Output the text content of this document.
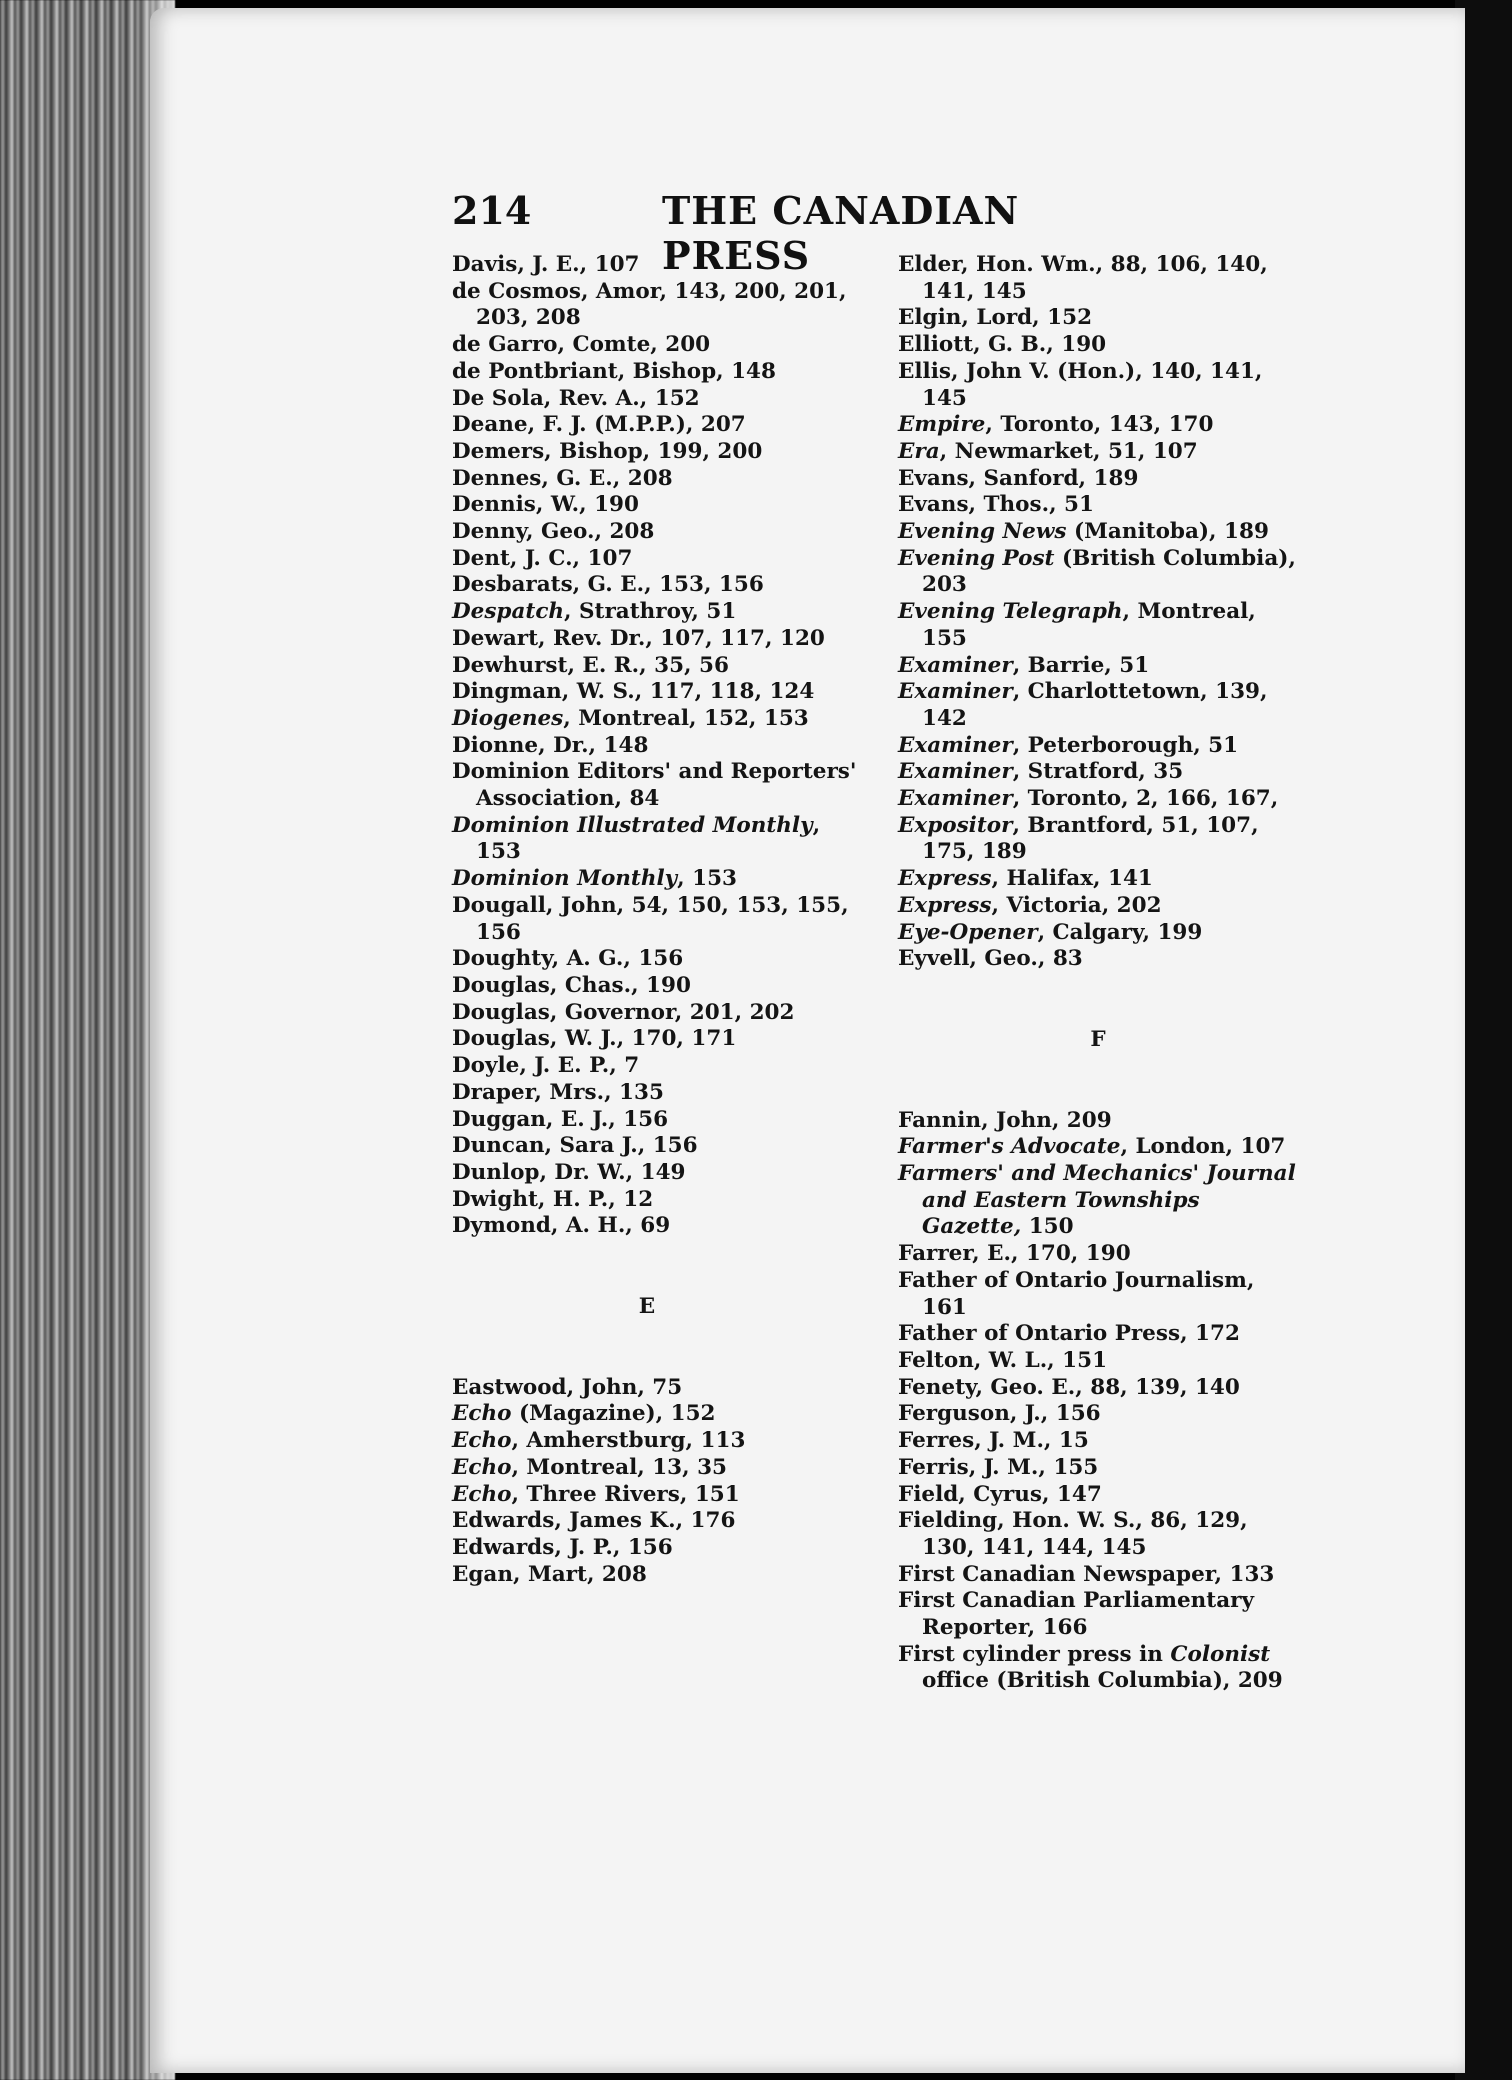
214	THE CANADIAN PRESS
Davis, J. E., 107
de Cosmos, Amor, 143, 200, 201, 203, 208
de Garro, Comte, 200
de Pontbriant, Bishop, 148
De Sola, Rev. A., 152
Deane, F. J. (M.P.P.), 207
Demers, Bishop, 199, 200
Dennes, G. E., 208
Dennis, W., 190
Denny, Geo., 208
Dent, J. C., 107
Desbarats, G. E., 153, 156
Despatch, Strathroy, 51
Dewart, Rev. Dr., 107, 117, 120
Dewhurst, E. R., 35, 56
Dingman, W. S., 117, 118, 124
Diogenes, Montreal, 152, 153
Dionne, Dr., 148
Dominion Editors' and Reporters' Association, 84
Dominion Illustrated Monthly, 153
Dominion Monthly, 153
Dougall, John, 54, 150, 153, 155, 156
Doughty, A. G., 156
Douglas, Chas., 190
Douglas, Governor, 201, 202
Douglas, W. J., 170, 171
Doyle, J. E. P., 7
Draper, Mrs., 135
Duggan, E. J., 156
Duncan, Sara J., 156
Dunlop, Dr. W., 149
Dwight, H. P., 12
Dymond, A. H., 69
E
Eastwood, John, 75
Echo (Magazine), 152
Echo, Amherstburg, 113
Echo, Montreal, 13, 35
Echo, Three Rivers, 151
Edwards, James K., 176
Edwards, J. P., 156
Egan, Mart, 208
Elder, Hon. Wm., 88, 106, 140, 141, 145
Elgin, Lord, 152
Elliott, G. B., 190
Ellis, John V. (Hon.), 140, 141, 145
Empire, Toronto, 143, 170
Era, Newmarket, 51, 107
Evans, Sanford, 189
Evans, Thos., 51
Evening News (Manitoba), 189
Evening Post (British Columbia), 203
Evening Telegraph, Montreal, 155
Examiner, Barrie, 51
Examiner, Charlottetown, 139, 142
Examiner, Peterborough, 51
Examiner, Stratford, 35
Examiner, Toronto, 2, 166, 167,
Expositor, Brantford, 51, 107, 175, 189
Express, Halifax, 141
Express, Victoria, 202
Eye-Opener, Calgary, 199
Eyvell, Geo., 83
F
Fannin, John, 209
Farmer's Advocate, London, 107
Farmers' and Mechanics' Journal and Eastern Townships Gazette, 150
Farrer, E., 170, 190
Father of Ontario Journalism, 161
Father of Ontario Press, 172
Felton, W. L., 151
Fenety, Geo. E., 88, 139, 140
Ferguson, J., 156
Ferres, J. M., 15
Ferris, J. M., 155
Field, Cyrus, 147
Fielding, Hon. W. S., 86, 129, 130, 141, 144, 145
First Canadian Newspaper, 133
First Canadian Parliamentary Reporter, 166
First cylinder press in Colonist office (British Columbia), 209
